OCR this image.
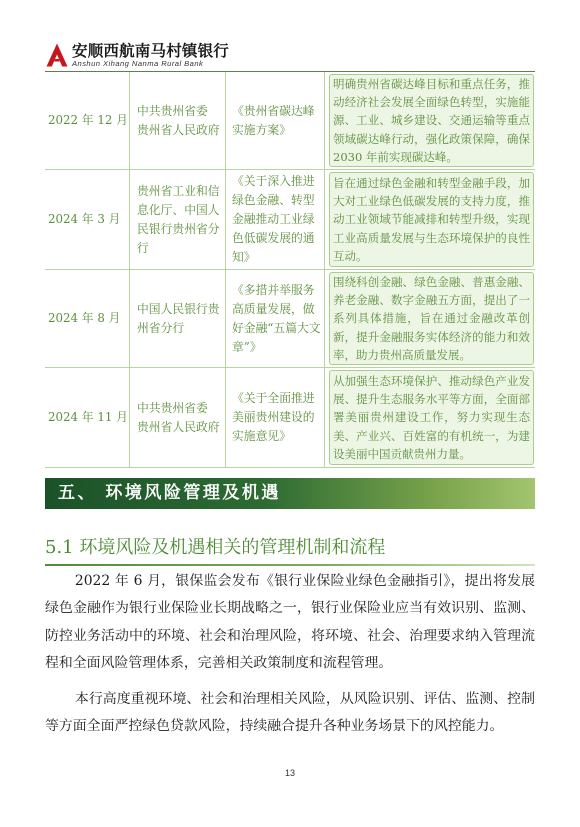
安顺西航南马村镇银行
Anshun Xihang Nanma Rural Bank
2022 年 12 月
中共贵州省委
贵州省人民政府
《贵州省碳达峰实施方案》
明确贵州省碳达峰目标和重点任务，推动经济社会发展全面绿色转型，实施能源、工业、城乡建设、交通运输等重点领域碳达峰行动，强化政策保障，确保2030 年前实现碳达峰。
2024 年 3 月
贵州省工业和信息化厅、中国人民银行贵州省分行
《关于深入推进绿色金融、转型金融推动工业绿色低碳发展的通知》
旨在通过绿色金融和转型金融手段，加大对工业绿色低碳发展的支持力度，推动工业领域节能减排和转型升级，实现工业高质量发展与生态环境保护的良性互动。
2024 年 8 月
中国人民银行贵州省分行
《多措并举服务高质量发展，做好金融“五篇大文章”》
围绕科创金融、绿色金融、普惠金融、养老金融、数字金融五方面，提出了一系列具体措施，旨在通过金融改革创新，提升金融服务实体经济的能力和效率，助力贵州高质量发展。
2024 年 11 月
中共贵州省委
贵州省人民政府
《关于全面推进美丽贵州建设的实施意见》
从加强生态环境保护、推动绿色产业发展、提升生态服务水平等方面，全面部署美丽贵州建设工作，努力实现生态美、产业兴、百姓富的有机统一，为建设美丽中国贡献贵州力量。
五、 环境风险管理及机遇
5.1 环境风险及机遇相关的管理机制和流程

2022 年 6 月，银保监会发布《银行业保险业绿色金融指引》，提出将发展绿色金融作为银行业保险业长期战略之一，银行业保险业应当有效识别、监测、防控业务活动中的环境、社会和治理风险，将环境、社会、治理要求纳入管理流程和全面风险管理体系，完善相关政策制度和流程管理。

本行高度重视环境、社会和治理相关风险，从风险识别、评估、监测、控制等方面全面严控绿色贷款风险，持续融合提升各种业务场景下的风控能力。

13
